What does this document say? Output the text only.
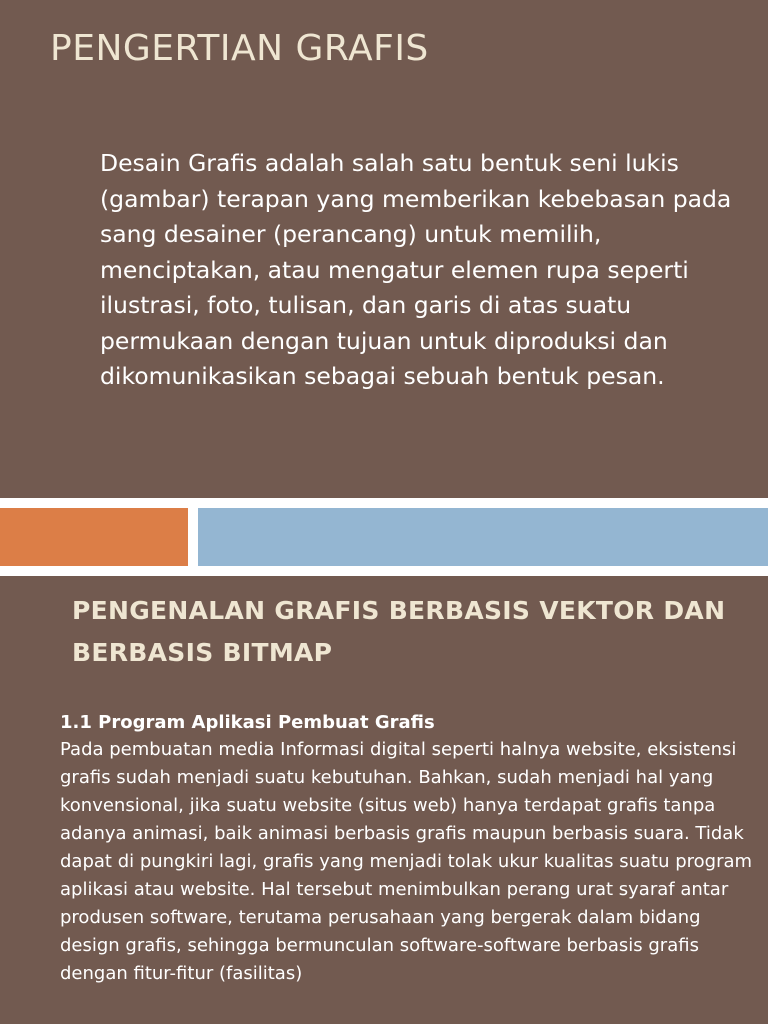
PENGERTIAN GRAFIS

Desain Grafis adalah salah satu bentuk seni lukis (gambar) terapan yang memberikan kebebasan pada sang desainer (perancang) untuk memilih, menciptakan, atau mengatur elemen rupa seperti ilustrasi, foto, tulisan, dan garis di atas suatu permukaan dengan tujuan untuk diproduksi dan dikomunikasikan sebagai sebuah bentuk pesan.

PENGENALAN GRAFIS BERBASIS VEKTOR DAN BERBASIS BITMAP

1.1 Program Aplikasi Pembuat Grafis

Pada pembuatan media Informasi digital seperti halnya website, eksistensi grafis sudah menjadi suatu kebutuhan. Bahkan, sudah menjadi hal yang konvensional, jika suatu website (situs web) hanya terdapat grafis tanpa adanya animasi, baik animasi berbasis grafis maupun berbasis suara. Tidak dapat di pungkiri lagi, grafis yang menjadi tolak ukur kualitas suatu program aplikasi atau website. Hal tersebut menimbulkan perang urat syaraf antar produsen software, terutama perusahaan yang bergerak dalam bidang design grafis, sehingga bermunculan software-software berbasis grafis dengan fitur-fitur (fasilitas)
